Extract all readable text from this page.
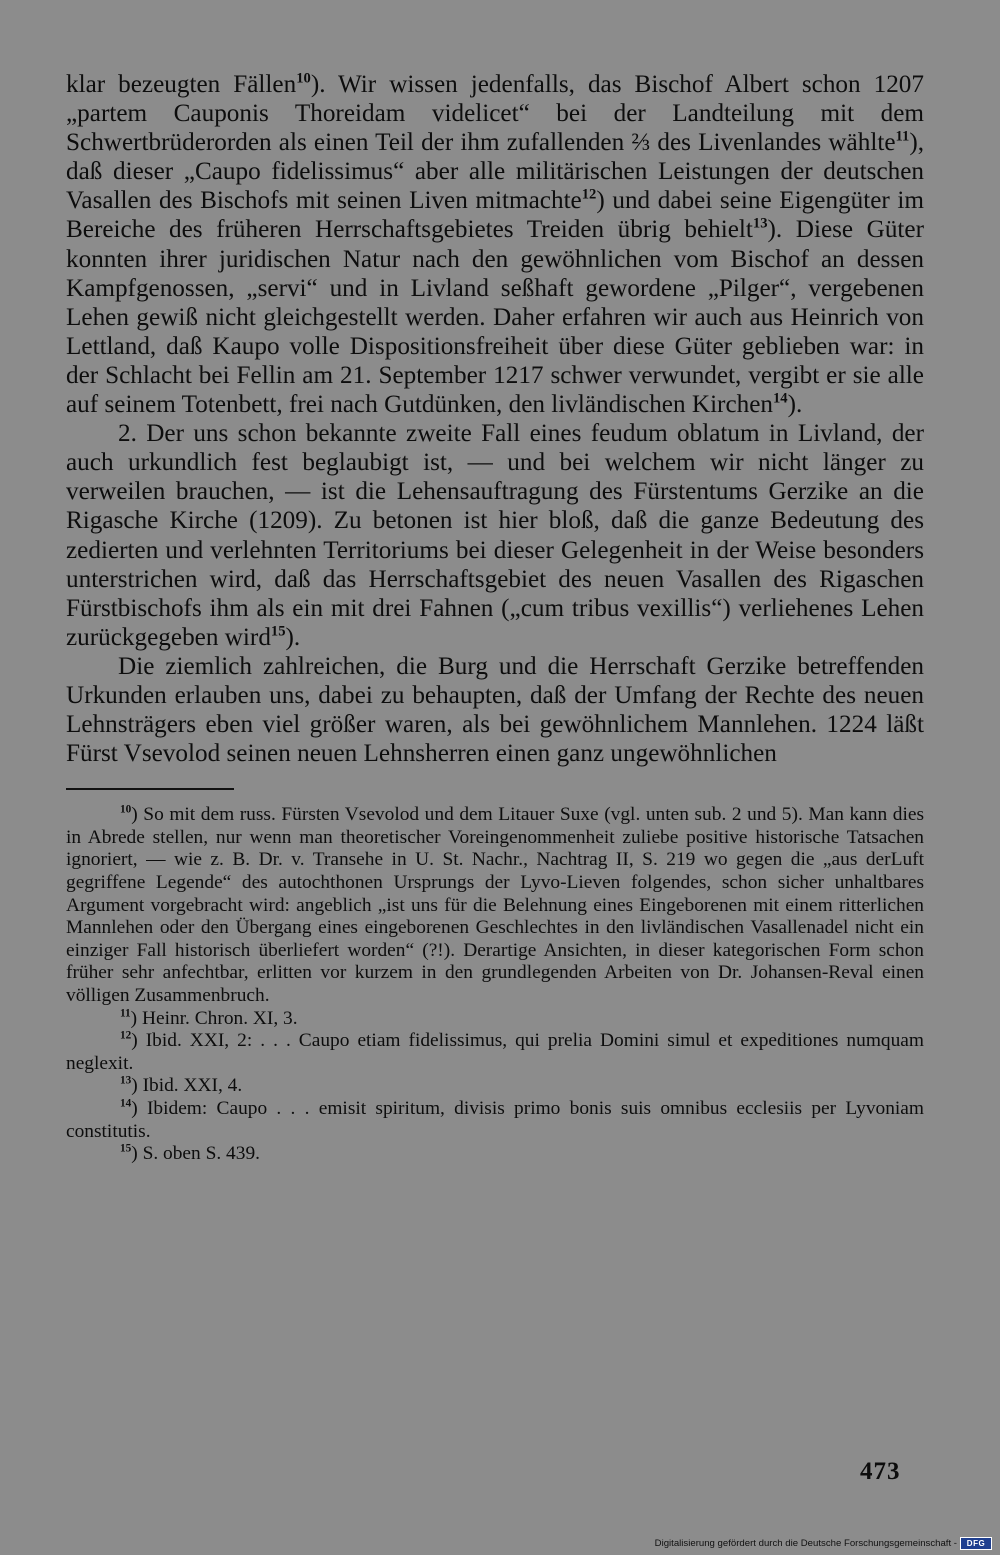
klar bezeugten Fällen$^{10}$). Wir wissen jedenfalls, das Bischof Albert schon 1207 „partem Cauponis Thoreidam videlicet“ bei der Landteilung mit dem Schwertbrüderorden als einen Teil der ihm zufallenden ⅔ des Livenlandes wählte$^{11}$), daß dieser „Caupo fidelissimus“ aber alle militärischen Leistungen der deutschen Vasallen des Bischofs mit seinen Liven mitmachte$^{12}$) und dabei seine Eigengüter im Bereiche des früheren Herrschaftsgebietes Treiden übrig behielt$^{13}$). Diese Güter konnten ihrer juridischen Natur nach den gewöhnlichen vom Bischof an dessen Kampfgenossen, „servi“ und in Livland seßhaft gewordene „Pilger“, vergebenen Lehen gewiß nicht gleichgestellt werden. Daher erfahren wir auch aus Heinrich von Lettland, daß Kaupo volle Dispositionsfreiheit über diese Güter geblieben war: in der Schlacht bei Fellin am 21. September 1217 schwer verwundet, vergibt er sie alle auf seinem Totenbett, frei nach Gutdünken, den livländischen Kirchen$^{14}$).

2. Der uns schon bekannte zweite Fall eines feudum oblatum in Livland, der auch urkundlich fest beglaubigt ist, — und bei welchem wir nicht länger zu verweilen brauchen, — ist die Lehensauftragung des Fürstentums Gerzike an die Rigasche Kirche (1209). Zu betonen ist hier bloß, daß die ganze Bedeutung des zedierten und verlehnten Territoriums bei dieser Gelegenheit in der Weise besonders unterstrichen wird, daß das Herrschaftsgebiet des neuen Vasallen des Rigaschen Fürstbischofs ihm als ein mit drei Fahnen („cum tribus vexillis“) verliehenes Lehen zurückgegeben wird$^{15}$).

Die ziemlich zahlreichen, die Burg und die Herrschaft Gerzike betreffenden Urkunden erlauben uns, dabei zu behaupten, daß der Umfang der Rechte des neuen Lehnsträgers eben viel größer waren, als bei gewöhnlichem Mannlehen. 1224 läßt Fürst Vsevolod seinen neuen Lehnsherren einen ganz ungewöhnlichen

$^{10}$) So mit dem russ. Fürsten Vsevolod und dem Litauer Suxe (vgl. unten sub. 2 und 5). Man kann dies in Abrede stellen, nur wenn man theoretischer Voreingenommenheit zuliebe positive historische Tatsachen ignoriert, — wie z. B. Dr. v. Transehe in U. St. Nachr., Nachtrag II, S. 219 wo gegen die „aus derLuft gegriffene Legende“ des autochthonen Ursprungs der Lyvo-Lieven folgendes, schon sicher unhaltbares Argument vorgebracht wird: angeblich „ist uns für die Belehnung eines Eingeborenen mit einem ritterlichen Mannlehen oder den Übergang eines eingeborenen Geschlechtes in den livländischen Vasallenadel nicht ein einziger Fall historisch überliefert worden“ (?!). Derartige Ansichten, in dieser kategorischen Form schon früher sehr anfechtbar, erlitten vor kurzem in den grundlegenden Arbeiten von Dr. Johansen-Reval einen völligen Zusammenbruch.

$^{11}$) Heinr. Chron. XI, 3.

$^{12}$) Ibid. XXI, 2: . . . Caupo etiam fidelissimus, qui prelia Domini simul et expeditiones numquam neglexit.

$^{13}$) Ibid. XXI, 4.

$^{14}$) Ibidem: Caupo . . . emisit spiritum, divisis primo bonis suis omnibus ecclesiis per Lyvoniam constitutis.

$^{15}$) S. oben S. 439.

473
Digitalisierung gefördert durch die Deutsche Forschungsgemeinschaft -	DFG
